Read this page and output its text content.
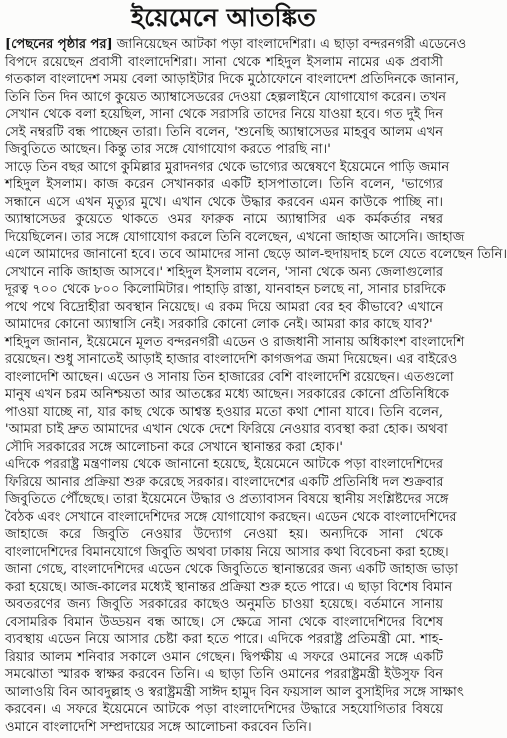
ইয়েমেনে আতঙ্কিত
[পেছনের পৃষ্ঠার পর] জানিয়েছেন আটকা পড়া বাংলাদেশিরা। এ ছাড়া বন্দরনগরী এডেনেও
বিপদে রয়েছেন প্রবাসী বাংলাদেশিরা। সানা থেকে শহিদুল ইসলাম নামের এক প্রবাসী
গতকাল বাংলাদেশ সময় বেলা আড়াইটার দিকে মুঠোফোনে বাংলাদেশ প্রতিদিনকে জানান,
তিনি তিন দিন আগে কুয়েত অ্যাম্বাসেডরের দেওয়া হেল্পলাইনে যোগাযোগ করেন। তখন
সেখান থেকে বলা হয়েছিল, সানা থেকে সরাসরি তাদের নিয়ে যাওয়া হবে। গত দুই দিন
সেই নম্বরটি বন্ধ পাচ্ছেন তারা। তিনি বলেন, 'শুনেছি অ্যাম্বাসেডর মাহবুব আলম এখন
জিবুতিতে আছেন। কিন্তু তার সঙ্গে যোগাযোগ করতে পারছি না।'
সাড়ে তিন বছর আগে কুমিল্লার মুরাদনগর থেকে ভাগ্যের অন্বেষণে ইয়েমেনে পাড়ি জমান
শহিদুল ইসলাম। কাজ করেন সেখানকার একটি হাসপাতালে। তিনি বলেন, 'ভাগ্যের
সন্ধানে এসে এখন মৃত্যুর মুখে। এখান থেকে উদ্ধার করবেন এমন কাউকে পাচ্ছি না।
অ্যাম্বাসেডর কুয়েতে থাকতে ওমর ফারুক নামে অ্যাম্বাসির এক কর্মকর্তার নম্বর
দিয়েছিলেন। তার সঙ্গে যোগাযোগ করলে তিনি বলেছেন, এখনো জাহাজ আসেনি। জাহাজ
এলে আমাদের জানানো হবে। তবে আমাদের সানা ছেড়ে আল-হুদায়দাহ চলে যেতে বলেছেন তিনি।
সেখানে নাকি জাহাজ আসবে।' শহিদুল ইসলাম বলেন, 'সানা থেকে অন্য জেলাগুলোর
দূরত্ব ৭০০ থেকে ৮০০ কিলোমিটার। পাহাড়ি রাস্তা, যানবাহন চলছে না, সানার চারদিকে
পথে পথে বিদ্রোহীরা অবস্থান নিয়েছে। এ রকম দিয়ে আমরা বের হব কীভাবে? এখানে
আমাদের কোনো অ্যাম্বাসি নেই। সরকারি কোনো লোক নেই। আমরা কার কাছে যাব?'
শহিদুল জানান, ইয়েমেনে মূলত বন্দরনগরী এডেন ও রাজধানী সানায় অধিকাংশ বাংলাদেশি
রয়েছেন। শুধু সানাতেই আড়াই হাজার বাংলাদেশি কাগজপত্র জমা দিয়েছেন। এর বাইরেও
বাংলাদেশি আছেন। এডেন ও সানায় তিন হাজারের বেশি বাংলাদেশি রয়েছেন। এতগুলো
মানুষ এখন চরম অনিশ্চয়তা আর আতঙ্কের মধ্যে আছেন। সরকারের কোনো প্রতিনিধিকে
পাওয়া যাচ্ছে না, যার কাছ থেকে আশ্বস্ত হওয়ার মতো কথা শোনা যাবে। তিনি বলেন,
'আমরা চাই দ্রুত আমাদের এখান থেকে দেশে ফিরিয়ে নেওয়ার ব্যবস্থা করা হোক। অথবা
সৌদি সরকারের সঙ্গে আলোচনা করে সেখানে স্থানান্তর করা হোক।'
এদিকে পররাষ্ট্র মন্ত্রণালয় থেকে জানানো হয়েছে, ইয়েমেনে আটকে পড়া বাংলাদেশিদের
ফিরিয়ে আনার প্রক্রিয়া শুরু করেছে সরকার। বাংলাদেশের একটি প্রতিনিধি দল শুক্রবার
জিবুতিতে পৌঁছেছে। তারা ইয়েমেনে উদ্ধার ও প্রত্যাবাসন বিষয়ে স্থানীয় সংশ্লিষ্টদের সঙ্গে
বৈঠক এবং সেখানে বাংলাদেশিদের সঙ্গে যোগাযোগ করছেন। এডেন থেকে বাংলাদেশিদের
জাহাজে করে জিবুতি নেওয়ার উদ্যোগ নেওয়া হয়। অন্যদিকে সানা থেকে
বাংলাদেশিদের বিমানযোগে জিবুতি অথবা ঢাকায় নিয়ে আসার কথা বিবেচনা করা হচ্ছে।
জানা গেছে, বাংলাদেশিদের এডেন থেকে জিবুতিতে স্থানান্তরের জন্য একটি জাহাজ ভাড়া
করা হয়েছে। আজ-কালের মধ্যেই স্থানান্তর প্রক্রিয়া শুরু হতে পারে। এ ছাড়া বিশেষ বিমান
অবতরণের জন্য জিবুতি সরকারের কাছেও অনুমতি চাওয়া হয়েছে। বর্তমানে সানায়
বেসামরিক বিমান উড্ডয়ন বন্ধ আছে। সে ক্ষেত্রে সানা থেকে বাংলাদেশিদের বিশেষ
ব্যবস্থায় এডেন নিয়ে আসার চেষ্টা করা হতে পারে। এদিকে পররাষ্ট্র প্রতিমন্ত্রী মো. শাহ-
রিয়ার আলম শনিবার সকালে ওমান গেছেন। দ্বিপক্ষীয় এ সফরে ওমানের সঙ্গে একটি
সমঝোতা স্মারক স্বাক্ষর করবেন তিনি। এ ছাড়া তিনি ওমানের পররাষ্ট্রমন্ত্রী ইউসুফ বিন
আলাওয়ি বিন আবদুল্লাহ ও স্বরাষ্ট্রমন্ত্রী সাঈদ হামুদ বিন ফয়সাল আল বুসাইদির সঙ্গে সাক্ষাৎ
করবেন। এ সফরে ইয়েমেনে আটকে পড়া বাংলাদেশিদের উদ্ধারে সহযোগিতার বিষয়ে
ওমানে বাংলাদেশি সম্প্রদায়ের সঙ্গে আলোচনা করবেন তিনি।
